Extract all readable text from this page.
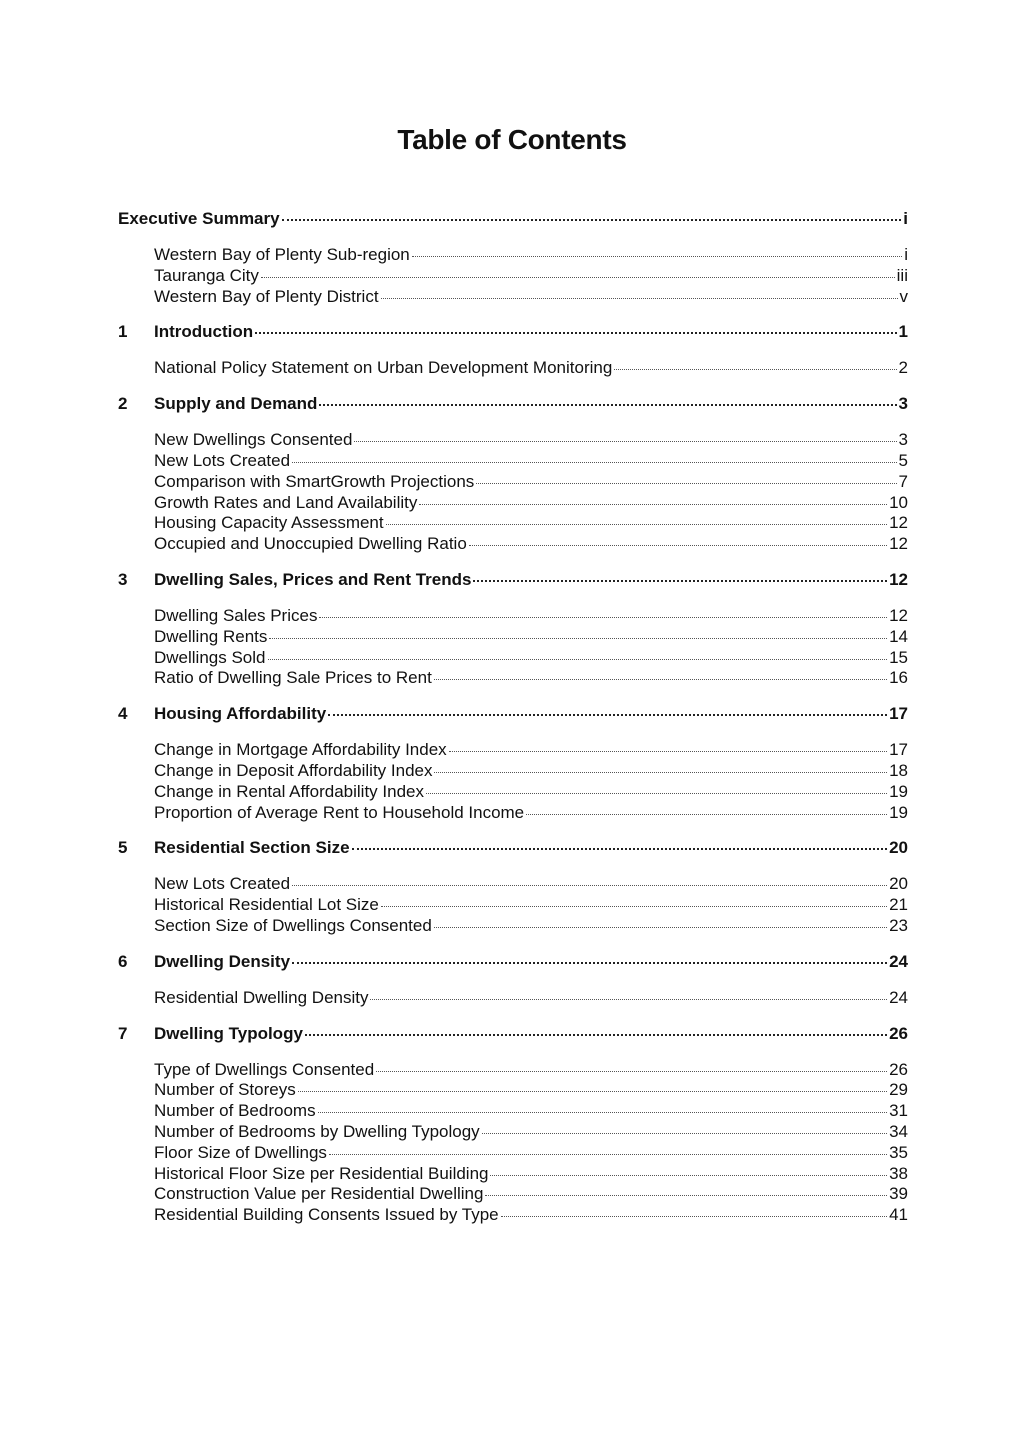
Table of Contents
Executive Summary	i
Western Bay of Plenty Sub-region	i
Tauranga City	iii
Western Bay of Plenty District	v
1	Introduction	1
National Policy Statement on Urban Development Monitoring	2
2	Supply and Demand	3
New Dwellings Consented	3
New Lots Created	5
Comparison with SmartGrowth Projections	7
Growth Rates and Land Availability	10
Housing Capacity Assessment	12
Occupied and Unoccupied Dwelling Ratio	12
3	Dwelling Sales, Prices and Rent Trends	12
Dwelling Sales Prices	12
Dwelling Rents	14
Dwellings Sold	15
Ratio of Dwelling Sale Prices to Rent	16
4	Housing Affordability	17
Change in Mortgage Affordability Index	17
Change in Deposit Affordability Index	18
Change in Rental Affordability Index	19
Proportion of Average Rent to Household Income	19
5	Residential Section Size	20
New Lots Created	20
Historical Residential Lot Size	21
Section Size of Dwellings Consented	23
6	Dwelling Density	24
Residential Dwelling Density	24
7	Dwelling Typology	26
Type of Dwellings Consented	26
Number of Storeys	29
Number of Bedrooms	31
Number of Bedrooms by Dwelling Typology	34
Floor Size of Dwellings	35
Historical Floor Size per Residential Building	38
Construction Value per Residential Dwelling	39
Residential Building Consents Issued by Type	41
